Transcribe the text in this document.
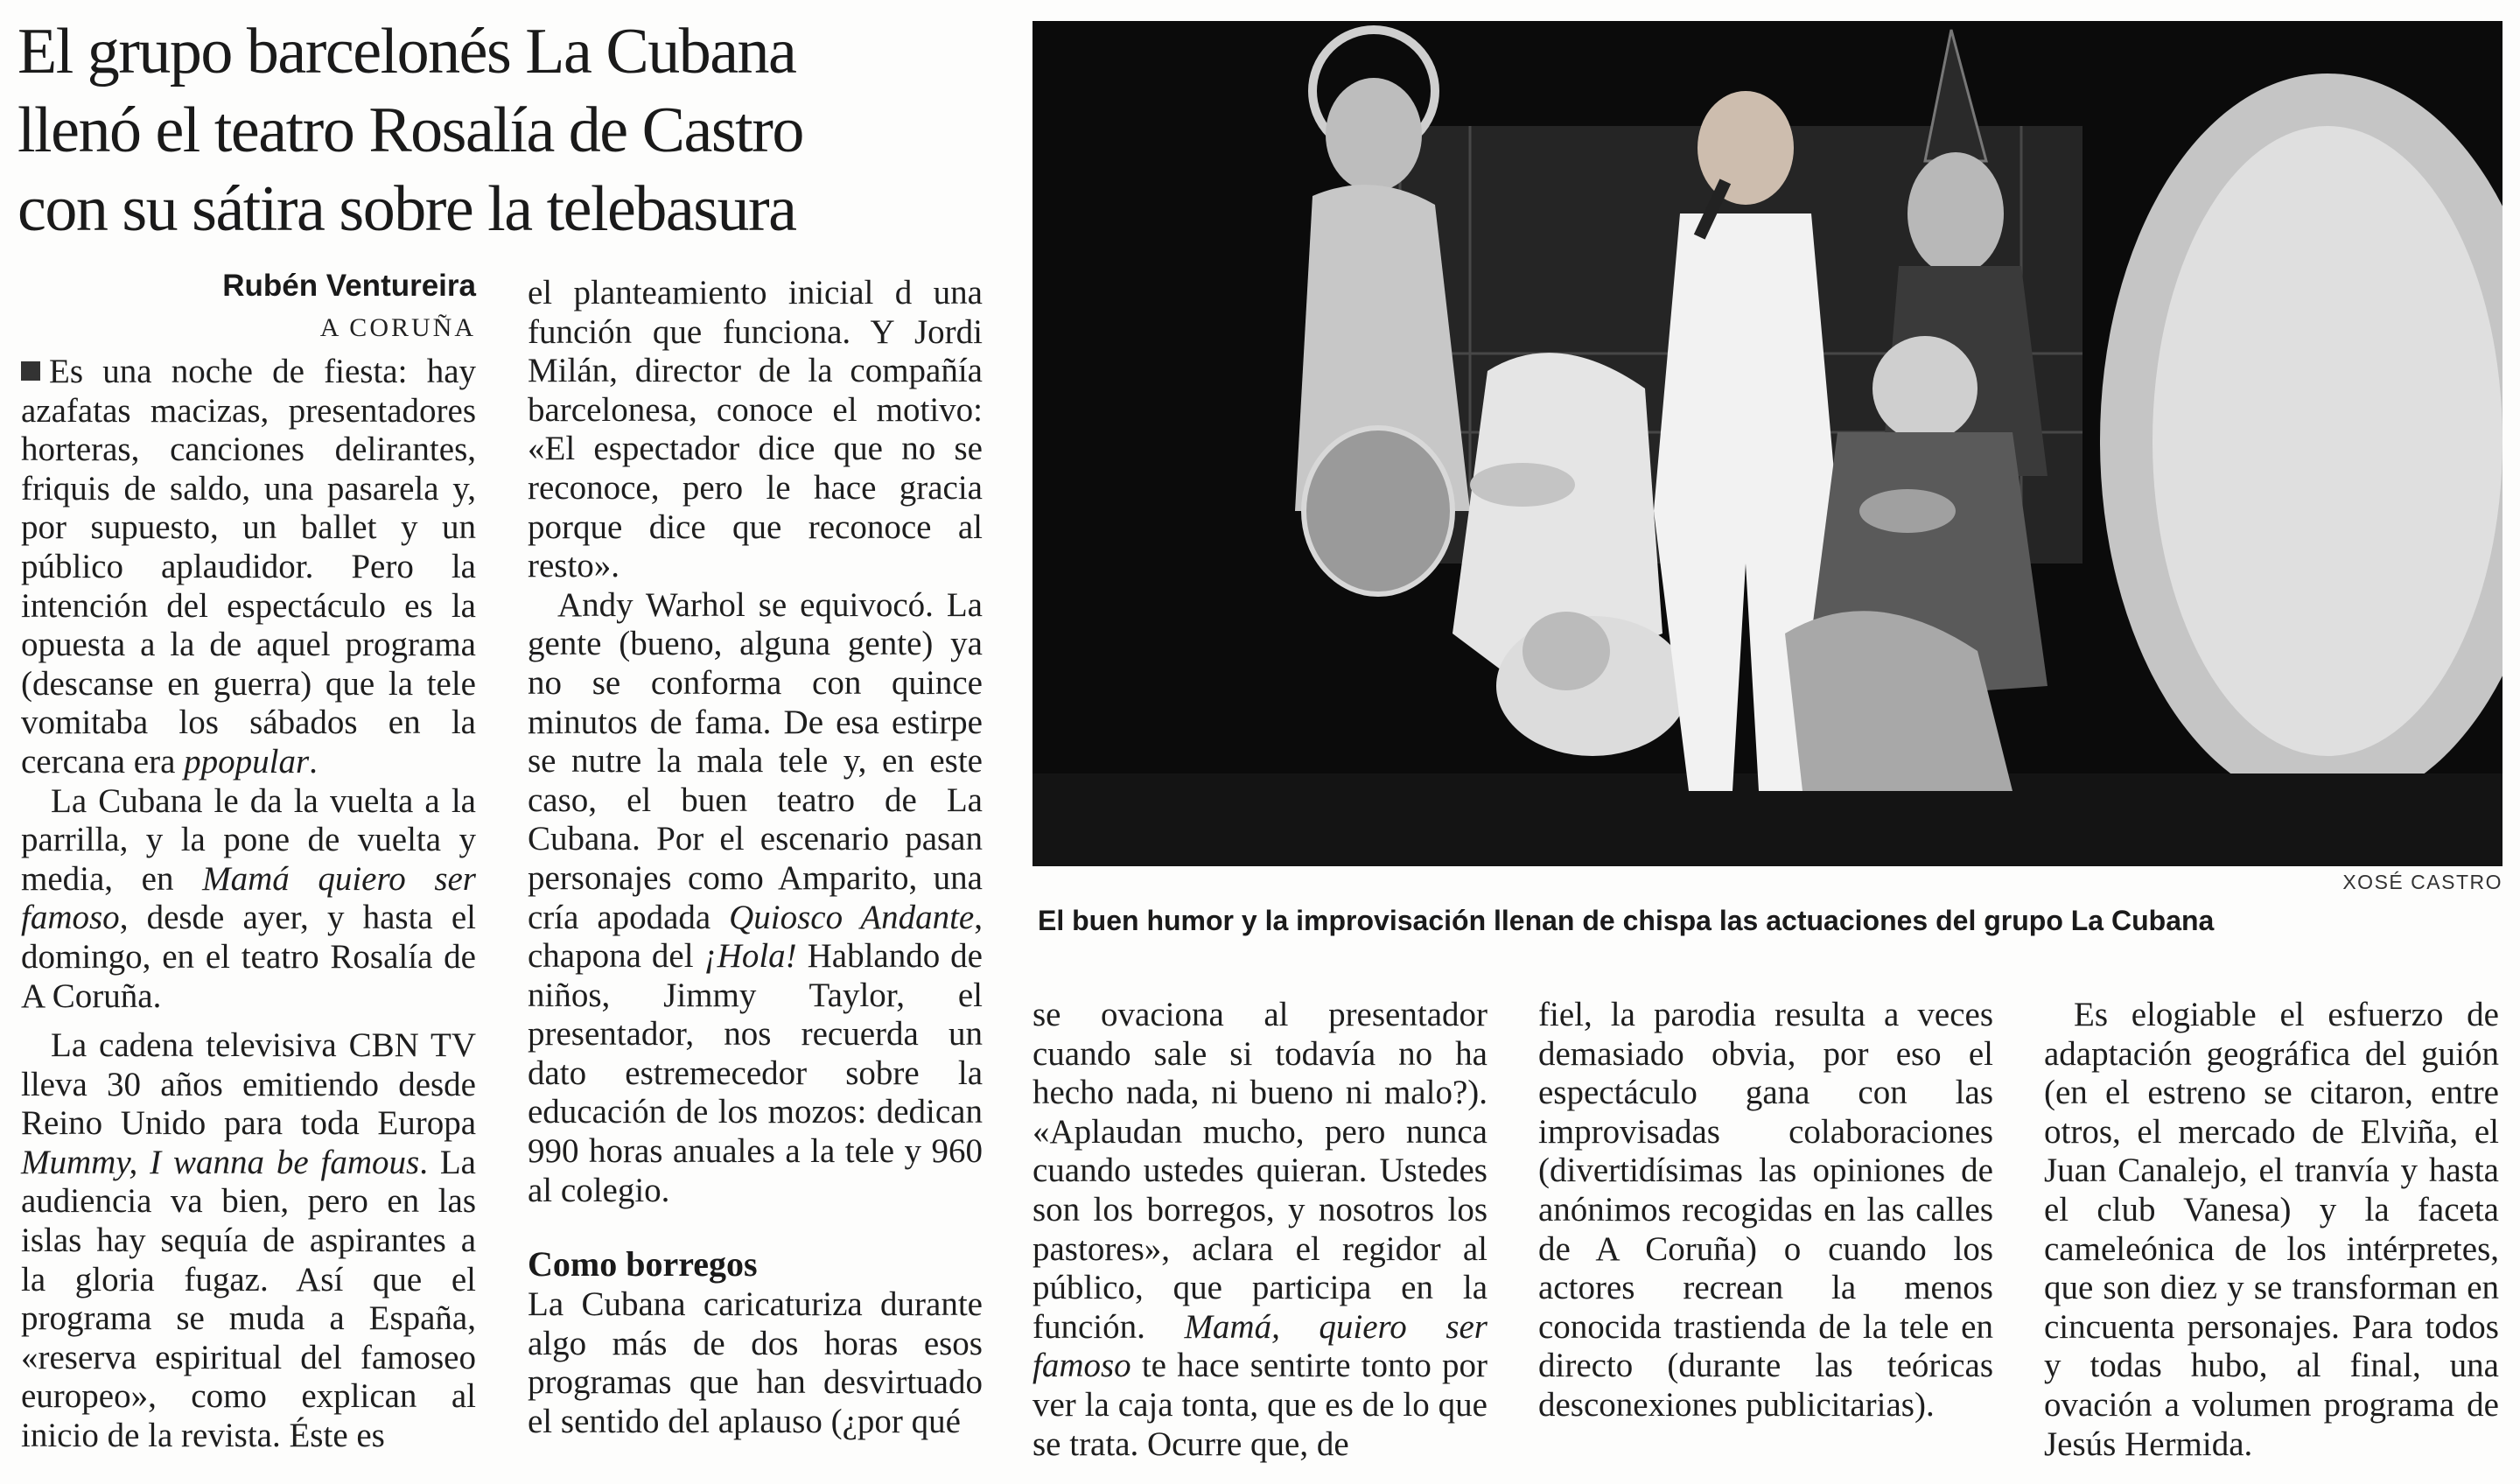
El grupo barcelonés La Cubana
llenó el teatro Rosalía de Castro
con su sátira sobre la telebasura
Rubén Ventureira
A CORUÑA

Es una noche de fiesta: hay azafatas macizas, presentadores horteras, canciones delirantes, friquis de saldo, una pasarela y, por supuesto, un ballet y un público aplaudidor. Pero la intención del espectáculo es la opuesta a la de aquel programa (descanse en guerra) que la tele vomitaba los sábados en la cercana era ppopular.

La Cubana le da la vuelta a la parrilla, y la pone de vuelta y media, en Mamá quiero ser famoso, desde ayer, y hasta el domingo, en el teatro Rosalía de A Coruña.

La cadena televisiva CBN TV lleva 30 años emitiendo desde Reino Unido para toda Europa Mummy, I wanna be famous. La audiencia va bien, pero en las islas hay sequía de aspirantes a la gloria fugaz. Así que el programa se muda a España, «reserva espiritual del famoseo europeo», como explican al inicio de la revista. Éste es

el planteamiento inicial d una función que funciona. Y Jordi Milán, director de la compañía barcelonesa, conoce el motivo: «El espectador dice que no se reconoce, pero le hace gracia porque dice que reconoce al resto».

Andy Warhol se equivocó. La gente (bueno, alguna gente) ya no se conforma con quince minutos de fama. De esa estirpe se nutre la mala tele y, en este caso, el buen teatro de La Cubana. Por el escenario pasan personajes como Amparito, una cría apodada Quiosco Andante, chapona del ¡Hola! Hablando de niños, Jimmy Taylor, el presentador, nos recuerda un dato estremecedor sobre la educación de los mozos: dedican 990 horas anuales a la tele y 960 al colegio.

Como borregos

La Cubana caricaturiza durante algo más de dos horas esos programas que han desvirtuado el sentido del aplauso (¿por qué

XOSÉ CASTRO
El buen humor y la improvisación llenan de chispa las actuaciones del grupo La Cubana

se ovaciona al presentador cuando sale si todavía no ha hecho nada, ni bueno ni malo?). «Aplaudan mucho, pero nunca cuando ustedes quieran. Ustedes son los borregos, y nosotros los pastores», aclara el regidor al público, que participa en la función. Mamá, quiero ser famoso te hace sentirte tonto por ver la caja tonta, que es de lo que se trata. Ocurre que, de

fiel, la parodia resulta a veces demasiado obvia, por eso el espectáculo gana con las improvisadas colaboraciones (divertidísimas las opiniones de anónimos recogidas en las calles de A Coruña) o cuando los actores recrean la menos conocida trastienda de la tele en directo (durante las teóricas desconexiones publicitarias).

Es elogiable el esfuerzo de adaptación geográfica del guión (en el estreno se citaron, entre otros, el mercado de Elviña, el Juan Canalejo, el tranvía y hasta el club Vanesa) y la faceta cameleónica de los intérpretes, que son diez y se transforman en cincuenta personajes. Para todos y todas hubo, al final, una ovación a volumen programa de Jesús Hermida.
